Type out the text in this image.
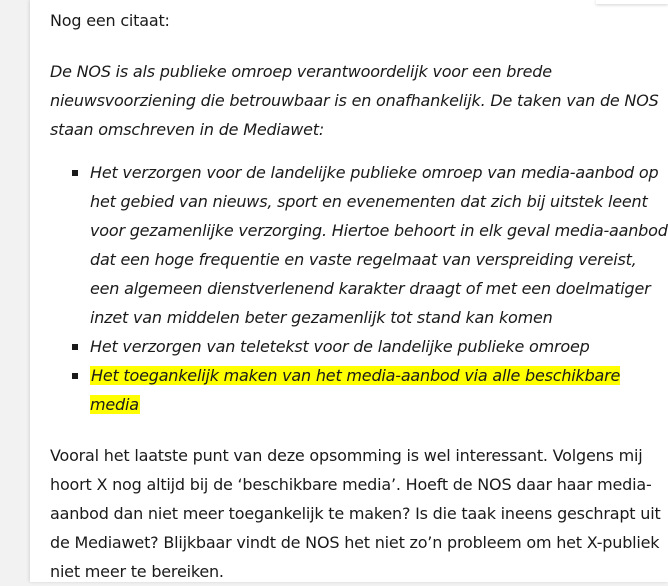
Nog een citaat:

De NOS is als publieke omroep verantwoordelijk voor een brede nieuwsvoorziening die betrouwbaar is en onafhankelijk. De taken van de NOS staan omschreven in de Mediawet:

Het verzorgen voor de landelijke publieke omroep van media-aanbod op het gebied van nieuws, sport en evenementen dat zich bij uitstek leent voor gezamenlijke verzorging. Hiertoe behoort in elk geval media-aanbod dat een hoge frequentie en vaste regelmaat van verspreiding vereist, een algemeen dienstverlenend karakter draagt of met een doelmatiger inzet van middelen beter gezamenlijk tot stand kan komen
Het verzorgen van teletekst voor de landelijke publieke omroep
Het toegankelijk maken van het media-aanbod via alle beschikbare media

Vooral het laatste punt van deze opsomming is wel interessant. Volgens mij hoort X nog altijd bij de ‘beschikbare media’. Hoeft de NOS daar haar media-aanbod dan niet meer toegankelijk te maken? Is die taak ineens geschrapt uit de Mediawet? Blijkbaar vindt de NOS het niet zo’n probleem om het X-publiek niet meer te bereiken.
